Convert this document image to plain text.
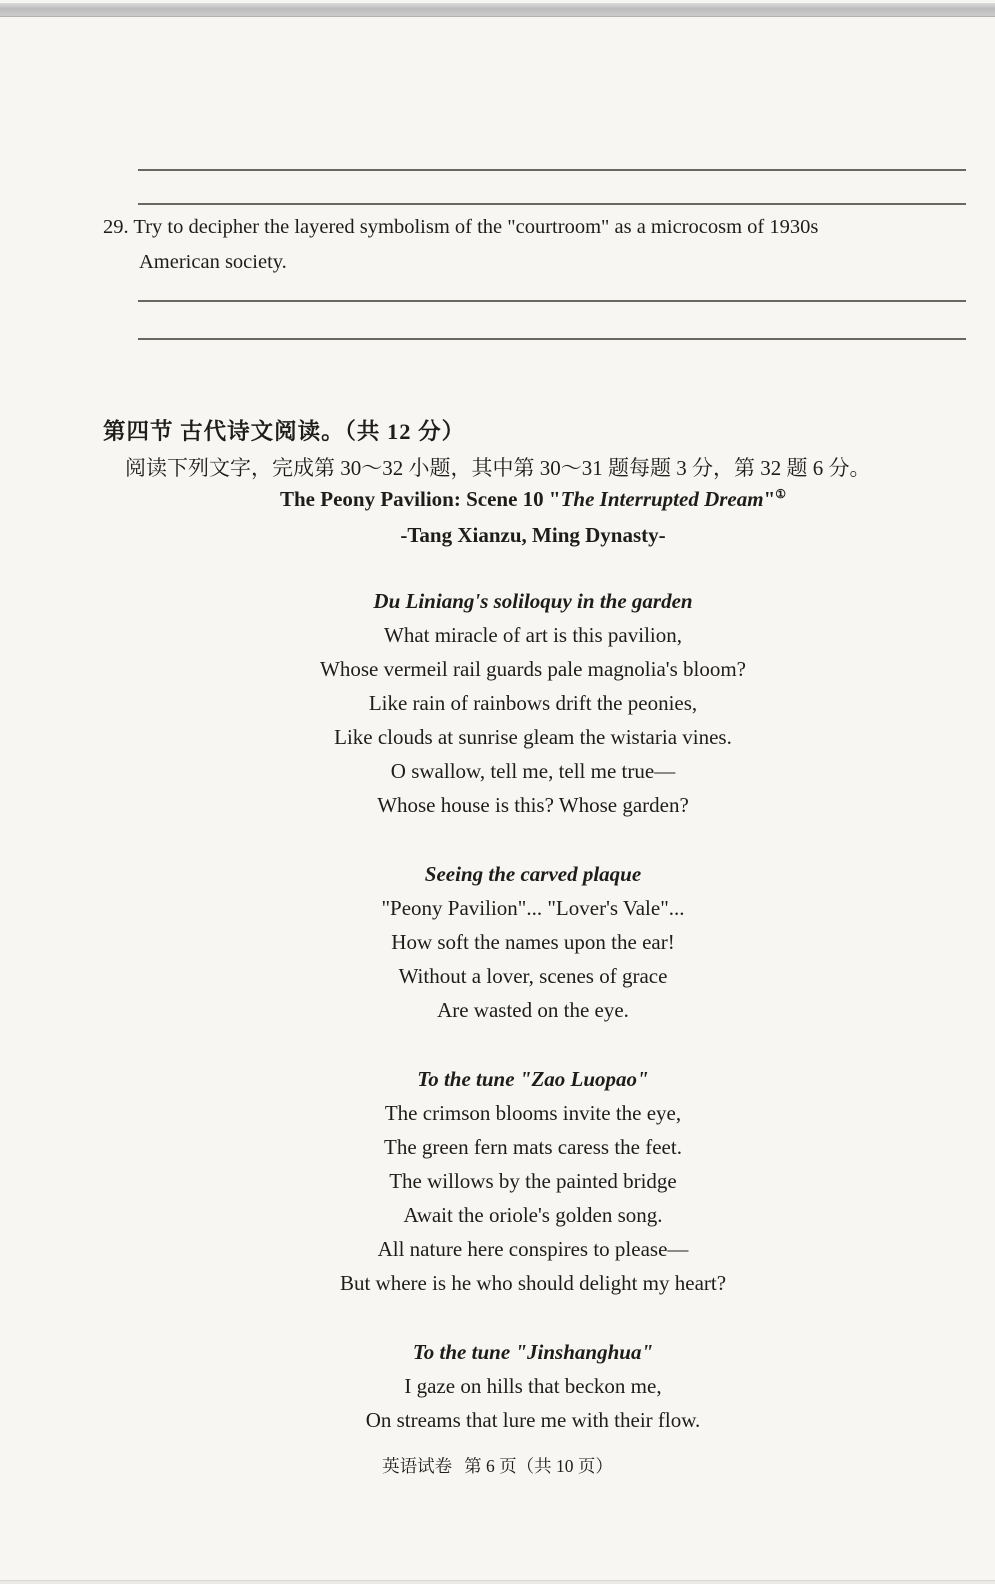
29. Try to decipher the layered symbolism of the "courtroom" as a microcosm of 1930s
American society.

第四节 古代诗文阅读。（共 12 分）

阅读下列文字，完成第 30～32 小题，其中第 30～31 题每题 3 分，第 32 题 6 分。

The Peony Pavilion: Scene 10 "The Interrupted Dream"①

-Tang Xianzu, Ming Dynasty-

Du Liniang's soliloquy in the garden
What miracle of art is this pavilion,
Whose vermeil rail guards pale magnolia's bloom?
Like rain of rainbows drift the peonies,
Like clouds at sunrise gleam the wistaria vines.
O swallow, tell me, tell me true—
Whose house is this? Whose garden?
Seeing the carved plaque
"Peony Pavilion"... "Lover's Vale"...
How soft the names upon the ear!
Without a lover, scenes of grace
Are wasted on the eye.
To the tune "Zao Luopao"
The crimson blooms invite the eye,
The green fern mats caress the feet.
The willows by the painted bridge
Await the oriole's golden song.
All nature here conspires to please—
But where is he who should delight my heart?
To the tune "Jinshanghua"
I gaze on hills that beckon me,
On streams that lure me with their flow.

英语试卷 第 6 页（共 10 页）
